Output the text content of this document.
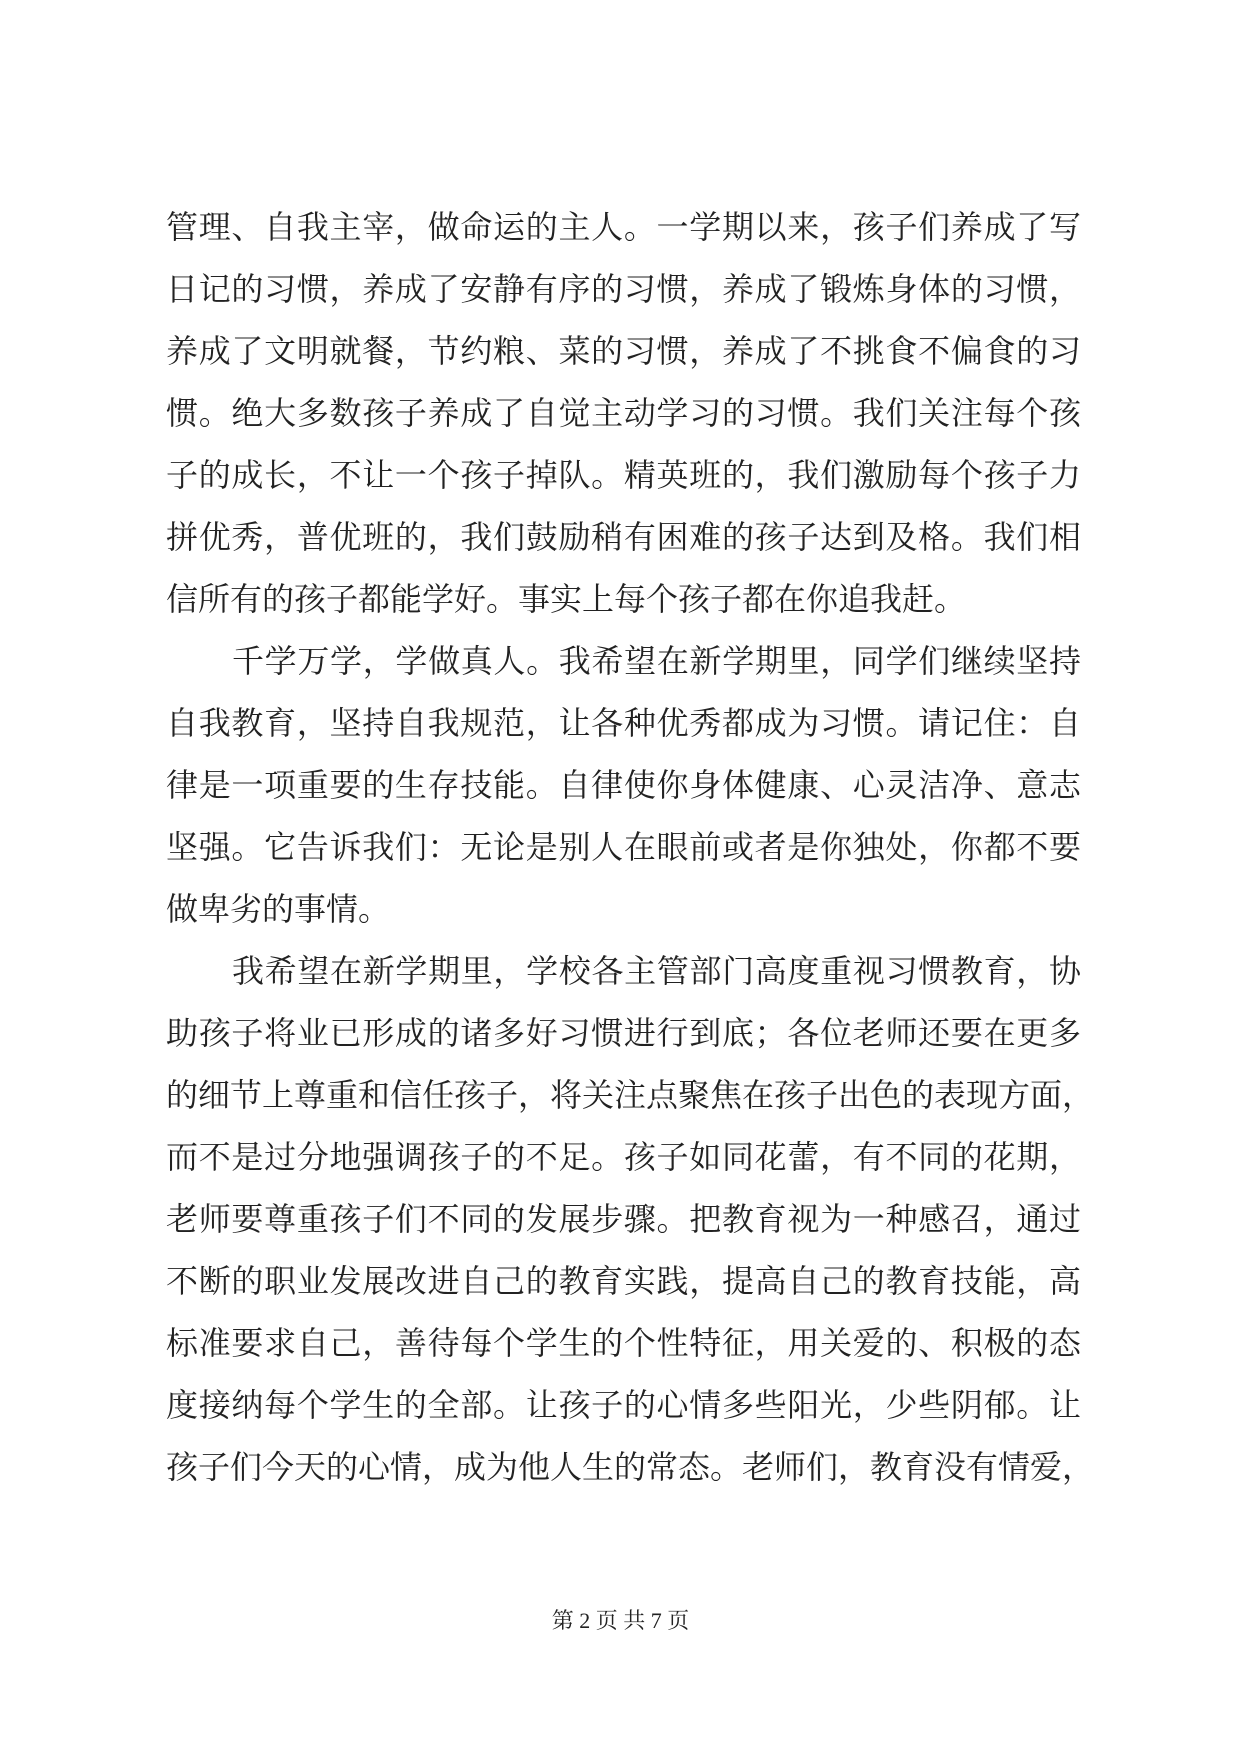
管理、自我主宰，做命运的主人。一学期以来，孩子们养成了写
日记的习惯，养成了安静有序的习惯，养成了锻炼身体的习惯，
养成了文明就餐，节约粮、菜的习惯，养成了不挑食不偏食的习
惯。绝大多数孩子养成了自觉主动学习的习惯。我们关注每个孩
子的成长，不让一个孩子掉队。精英班的，我们激励每个孩子力
拼优秀，普优班的，我们鼓励稍有困难的孩子达到及格。我们相
信所有的孩子都能学好。事实上每个孩子都在你追我赶。
千学万学，学做真人。我希望在新学期里，同学们继续坚持
自我教育，坚持自我规范，让各种优秀都成为习惯。请记住：自
律是一项重要的生存技能。自律使你身体健康、心灵洁净、意志
坚强。它告诉我们：无论是别人在眼前或者是你独处，你都不要
做卑劣的事情。
我希望在新学期里，学校各主管部门高度重视习惯教育，协
助孩子将业已形成的诸多好习惯进行到底；各位老师还要在更多
的细节上尊重和信任孩子，将关注点聚焦在孩子出色的表现方面，
而不是过分地强调孩子的不足。孩子如同花蕾，有不同的花期，
老师要尊重孩子们不同的发展步骤。把教育视为一种感召，通过
不断的职业发展改进自己的教育实践，提高自己的教育技能，高
标准要求自己，善待每个学生的个性特征，用关爱的、积极的态
度接纳每个学生的全部。让孩子的心情多些阳光，少些阴郁。让
孩子们今天的心情，成为他人生的常态。老师们，教育没有情爱，
第 2 页 共 7 页
